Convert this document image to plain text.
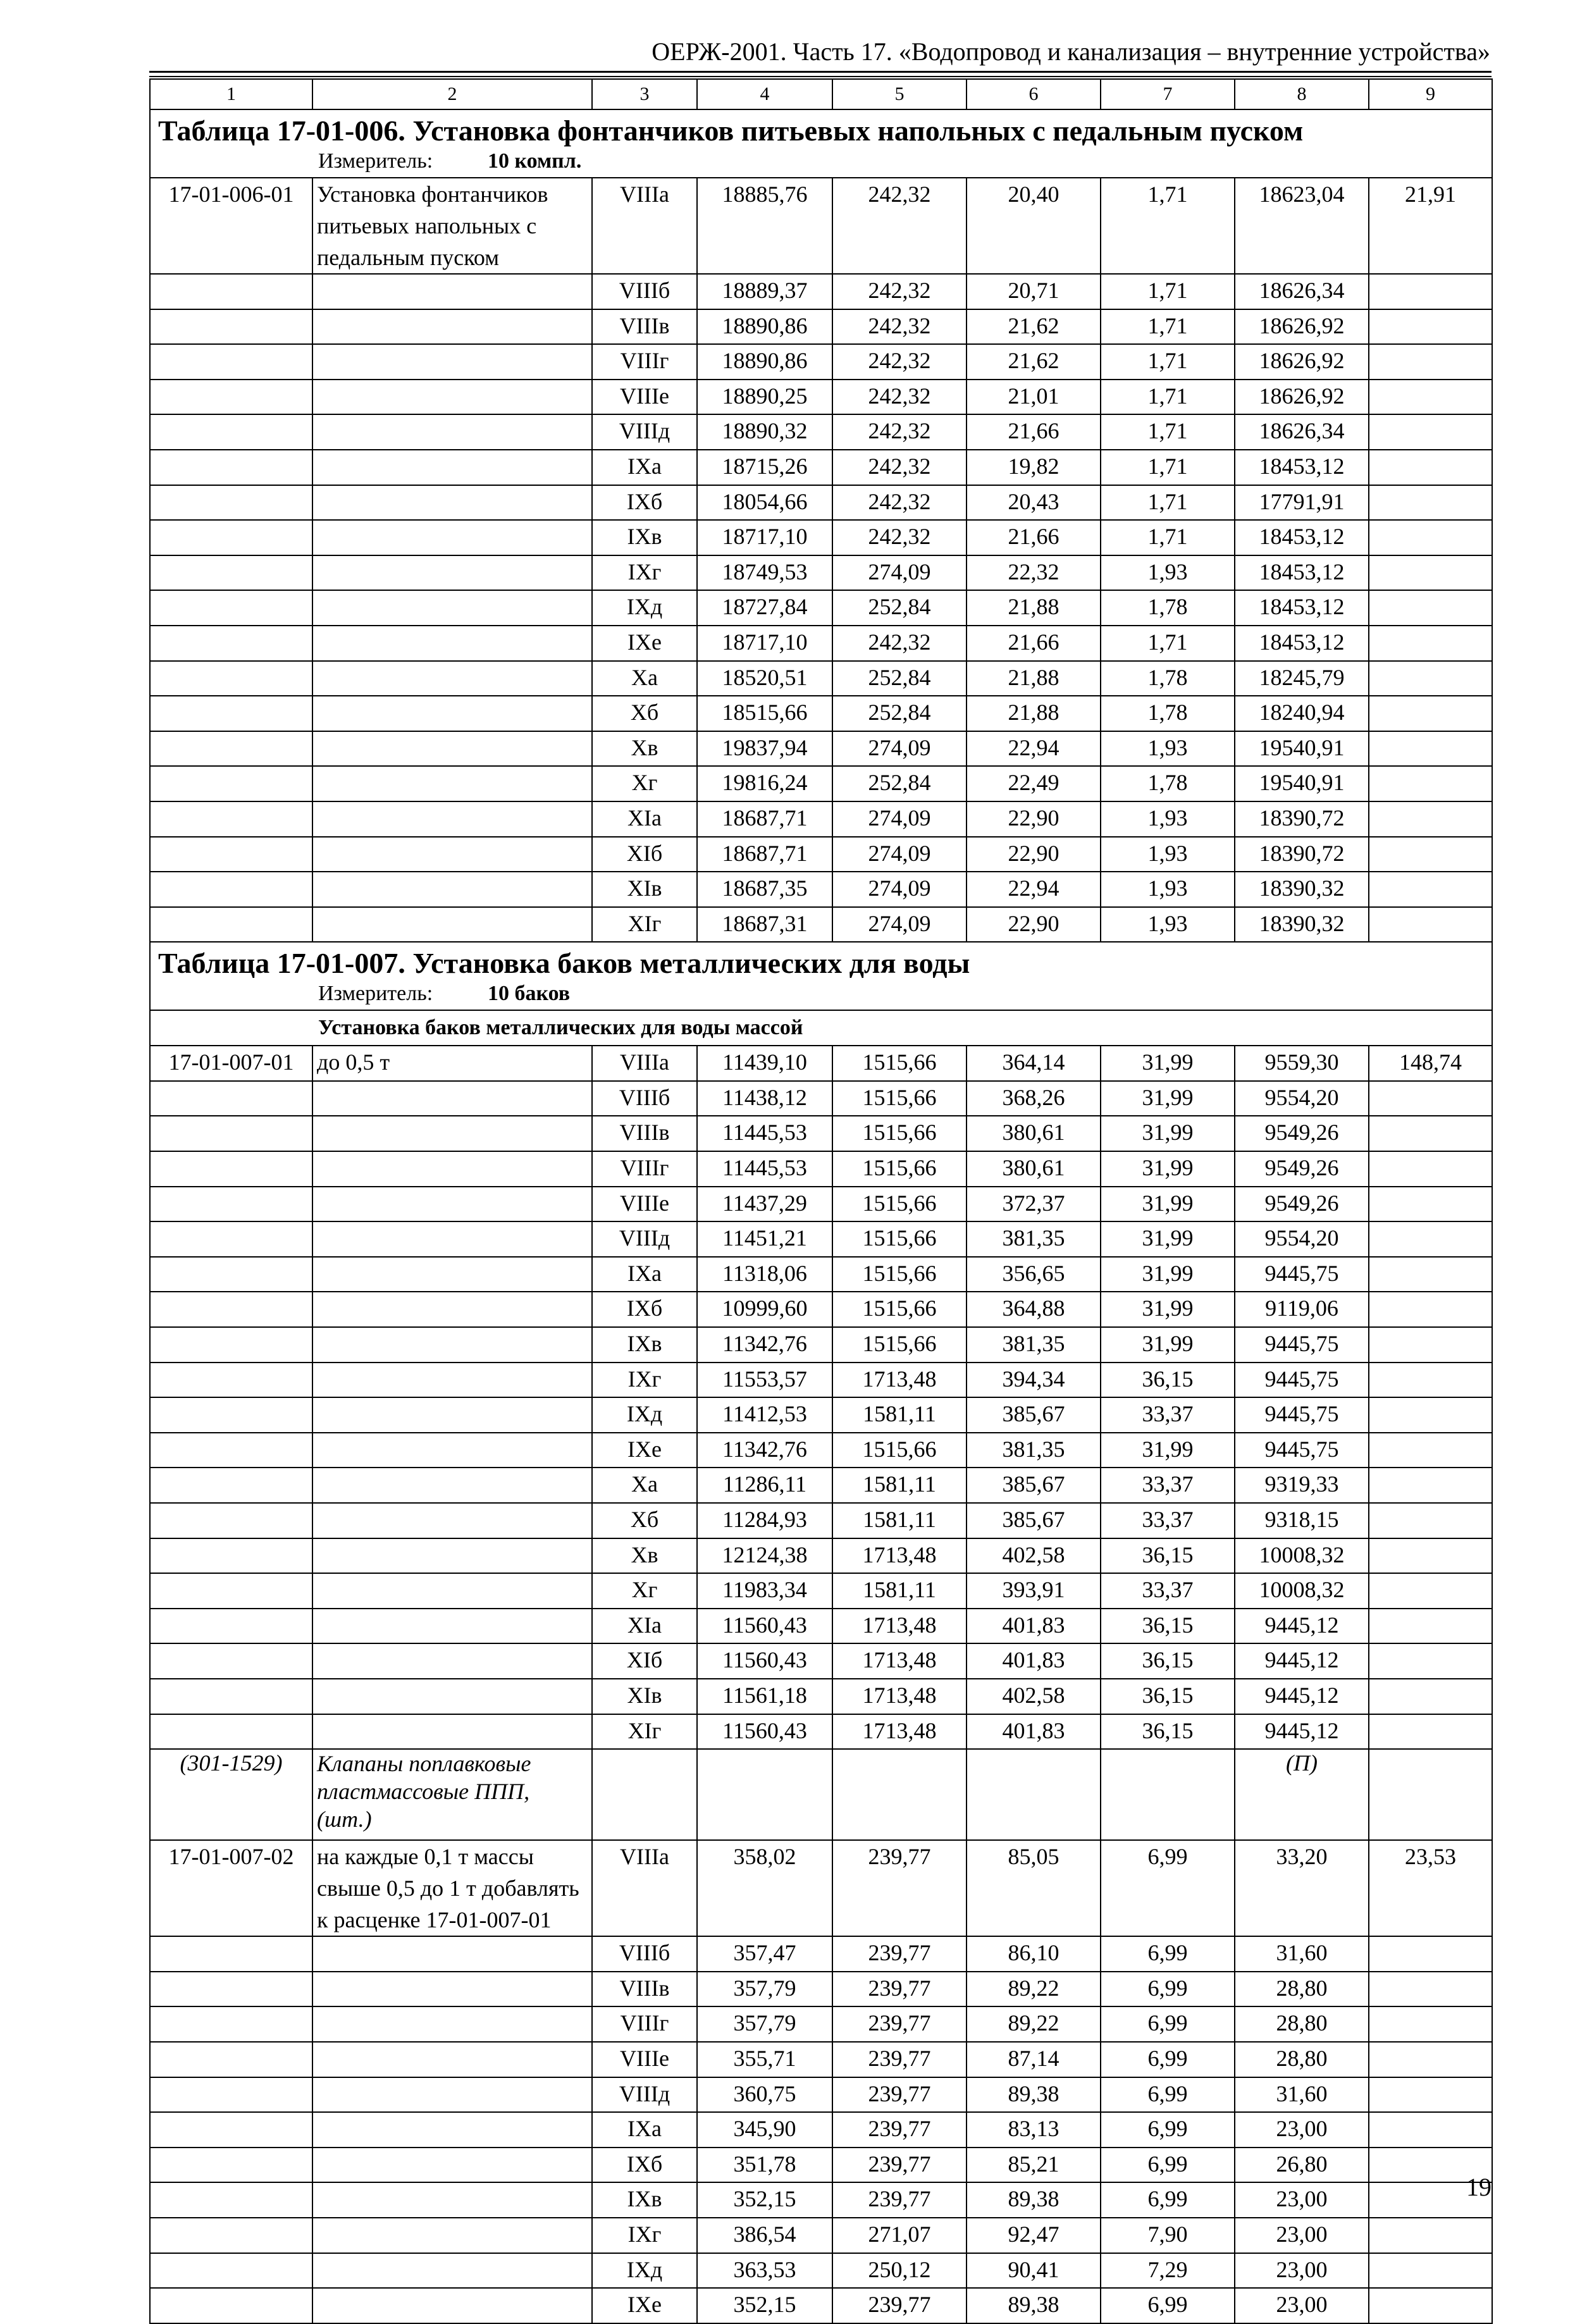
ОЕРЖ-2001. Часть 17. «Водопровод и канализация – внутренние устройства»
1	2	3	4	5	6	7	8	9

Таблица 17-01-006. Установка фонтанчиков питьевых напольных с педальным пуском								

Измеритель: 10 компл.								

17-01-006-01	Установка фонтанчиков питьевых напольных с педальным пуском	VIIIа	18885,76	242,32	20,40	1,71	18623,04	21,91
		VIIIб	18889,37	242,32	20,71	1,71	18626,34	
		VIIIв	18890,86	242,32	21,62	1,71	18626,92	
		VIIIг	18890,86	242,32	21,62	1,71	18626,92	
		VIIIе	18890,25	242,32	21,01	1,71	18626,92	
		VIIIд	18890,32	242,32	21,66	1,71	18626,34	
		IXа	18715,26	242,32	19,82	1,71	18453,12	
		IXб	18054,66	242,32	20,43	1,71	17791,91	
		IXв	18717,10	242,32	21,66	1,71	18453,12	
		IXг	18749,53	274,09	22,32	1,93	18453,12	
		IXд	18727,84	252,84	21,88	1,78	18453,12	
		IXе	18717,10	242,32	21,66	1,71	18453,12	
		Xа	18520,51	252,84	21,88	1,78	18245,79	
		Xб	18515,66	252,84	21,88	1,78	18240,94	
		Xв	19837,94	274,09	22,94	1,93	19540,91	
		Xг	19816,24	252,84	22,49	1,78	19540,91	
		XIа	18687,71	274,09	22,90	1,93	18390,72	
		XIб	18687,71	274,09	22,90	1,93	18390,72	
		XIв	18687,35	274,09	22,94	1,93	18390,32	
		XIг	18687,31	274,09	22,90	1,93	18390,32	

Таблица 17-01-007. Установка баков металлических для воды								

Измеритель: 10 баков								

Установка баков металлических для воды массой								
17-01-007-01	до 0,5 т	VIIIа	11439,10	1515,66	364,14	31,99	9559,30	148,74
		VIIIб	11438,12	1515,66	368,26	31,99	9554,20	
		VIIIв	11445,53	1515,66	380,61	31,99	9549,26	
		VIIIг	11445,53	1515,66	380,61	31,99	9549,26	
		VIIIе	11437,29	1515,66	372,37	31,99	9549,26	
		VIIIд	11451,21	1515,66	381,35	31,99	9554,20	
		IXа	11318,06	1515,66	356,65	31,99	9445,75	
		IXб	10999,60	1515,66	364,88	31,99	9119,06	
		IXв	11342,76	1515,66	381,35	31,99	9445,75	
		IXг	11553,57	1713,48	394,34	36,15	9445,75	
		IXд	11412,53	1581,11	385,67	33,37	9445,75	
		IXе	11342,76	1515,66	381,35	31,99	9445,75	
		Xа	11286,11	1581,11	385,67	33,37	9319,33	
		Xб	11284,93	1581,11	385,67	33,37	9318,15	
		Xв	12124,38	1713,48	402,58	36,15	10008,32	
		Xг	11983,34	1581,11	393,91	33,37	10008,32	
		XIа	11560,43	1713,48	401,83	36,15	9445,12	
		XIб	11560,43	1713,48	401,83	36,15	9445,12	
		XIв	11561,18	1713,48	402,58	36,15	9445,12	
		XIг	11560,43	1713,48	401,83	36,15	9445,12	
(301-1529)	Клапаны поплавковые пластмассовые ППП, (шт.)						(П)	
17-01-007-02	на каждые 0,1 т массы свыше 0,5 до 1 т добавлять к расценке 17-01-007-01	VIIIа	358,02	239,77	85,05	6,99	33,20	23,53
		VIIIб	357,47	239,77	86,10	6,99	31,60	
		VIIIв	357,79	239,77	89,22	6,99	28,80	
		VIIIг	357,79	239,77	89,22	6,99	28,80	
		VIIIе	355,71	239,77	87,14	6,99	28,80	
		VIIIд	360,75	239,77	89,38	6,99	31,60	
		IXа	345,90	239,77	83,13	6,99	23,00	
		IXб	351,78	239,77	85,21	6,99	26,80	
		IXв	352,15	239,77	89,38	6,99	23,00	
		IXг	386,54	271,07	92,47	7,90	23,00	
		IXд	363,53	250,12	90,41	7,29	23,00	
		IXе	352,15	239,77	89,38	6,99	23,00	
19
